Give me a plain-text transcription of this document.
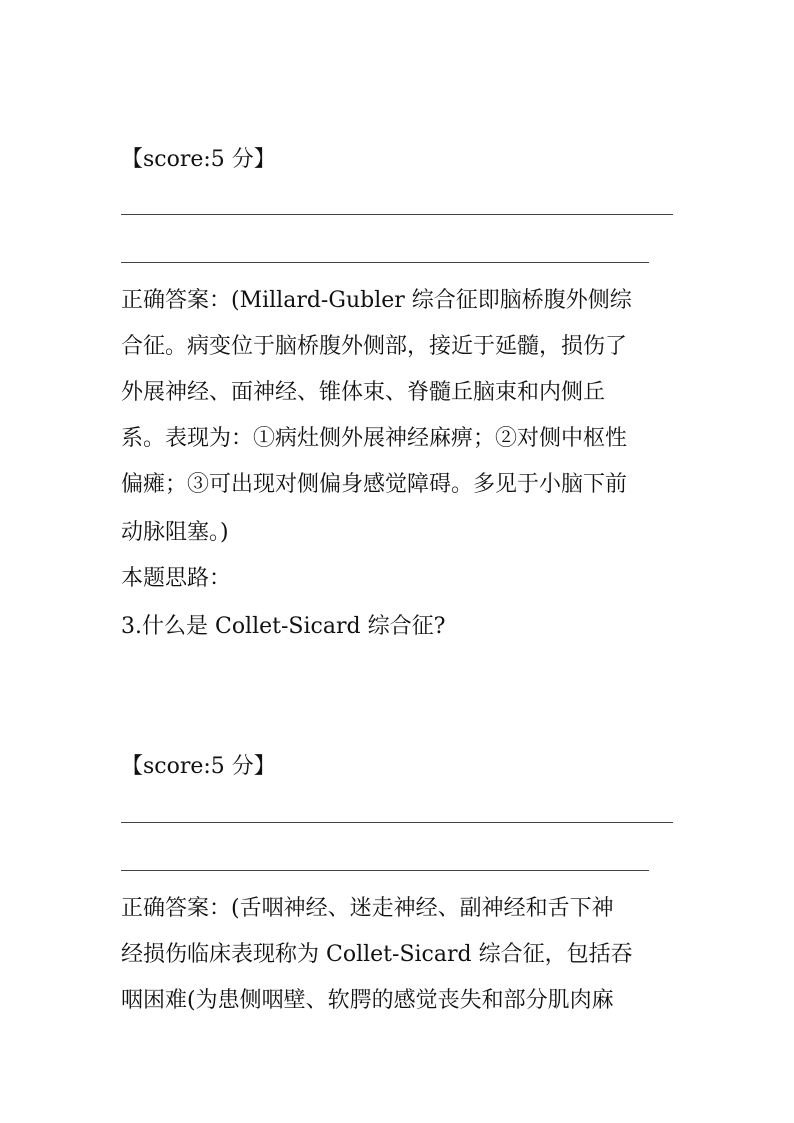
【score:5 分】
正确答案：(Millard-Gubler 综合征即脑桥腹外侧综
合征。病变位于脑桥腹外侧部，接近于延髓，损伤了
外展神经、面神经、锥体束、脊髓丘脑束和内侧丘
系。表现为：①病灶侧外展神经麻痹；②对侧中枢性
偏瘫；③可出现对侧偏身感觉障碍。多见于小脑下前
动脉阻塞。)
本题思路：
3.什么是 Collet-Sicard 综合征?
【score:5 分】
正确答案：(舌咽神经、迷走神经、副神经和舌下神
经损伤临床表现称为 Collet-Sicard 综合征，包括吞
咽困难(为患侧咽壁、软腭的感觉丧失和部分肌肉麻
